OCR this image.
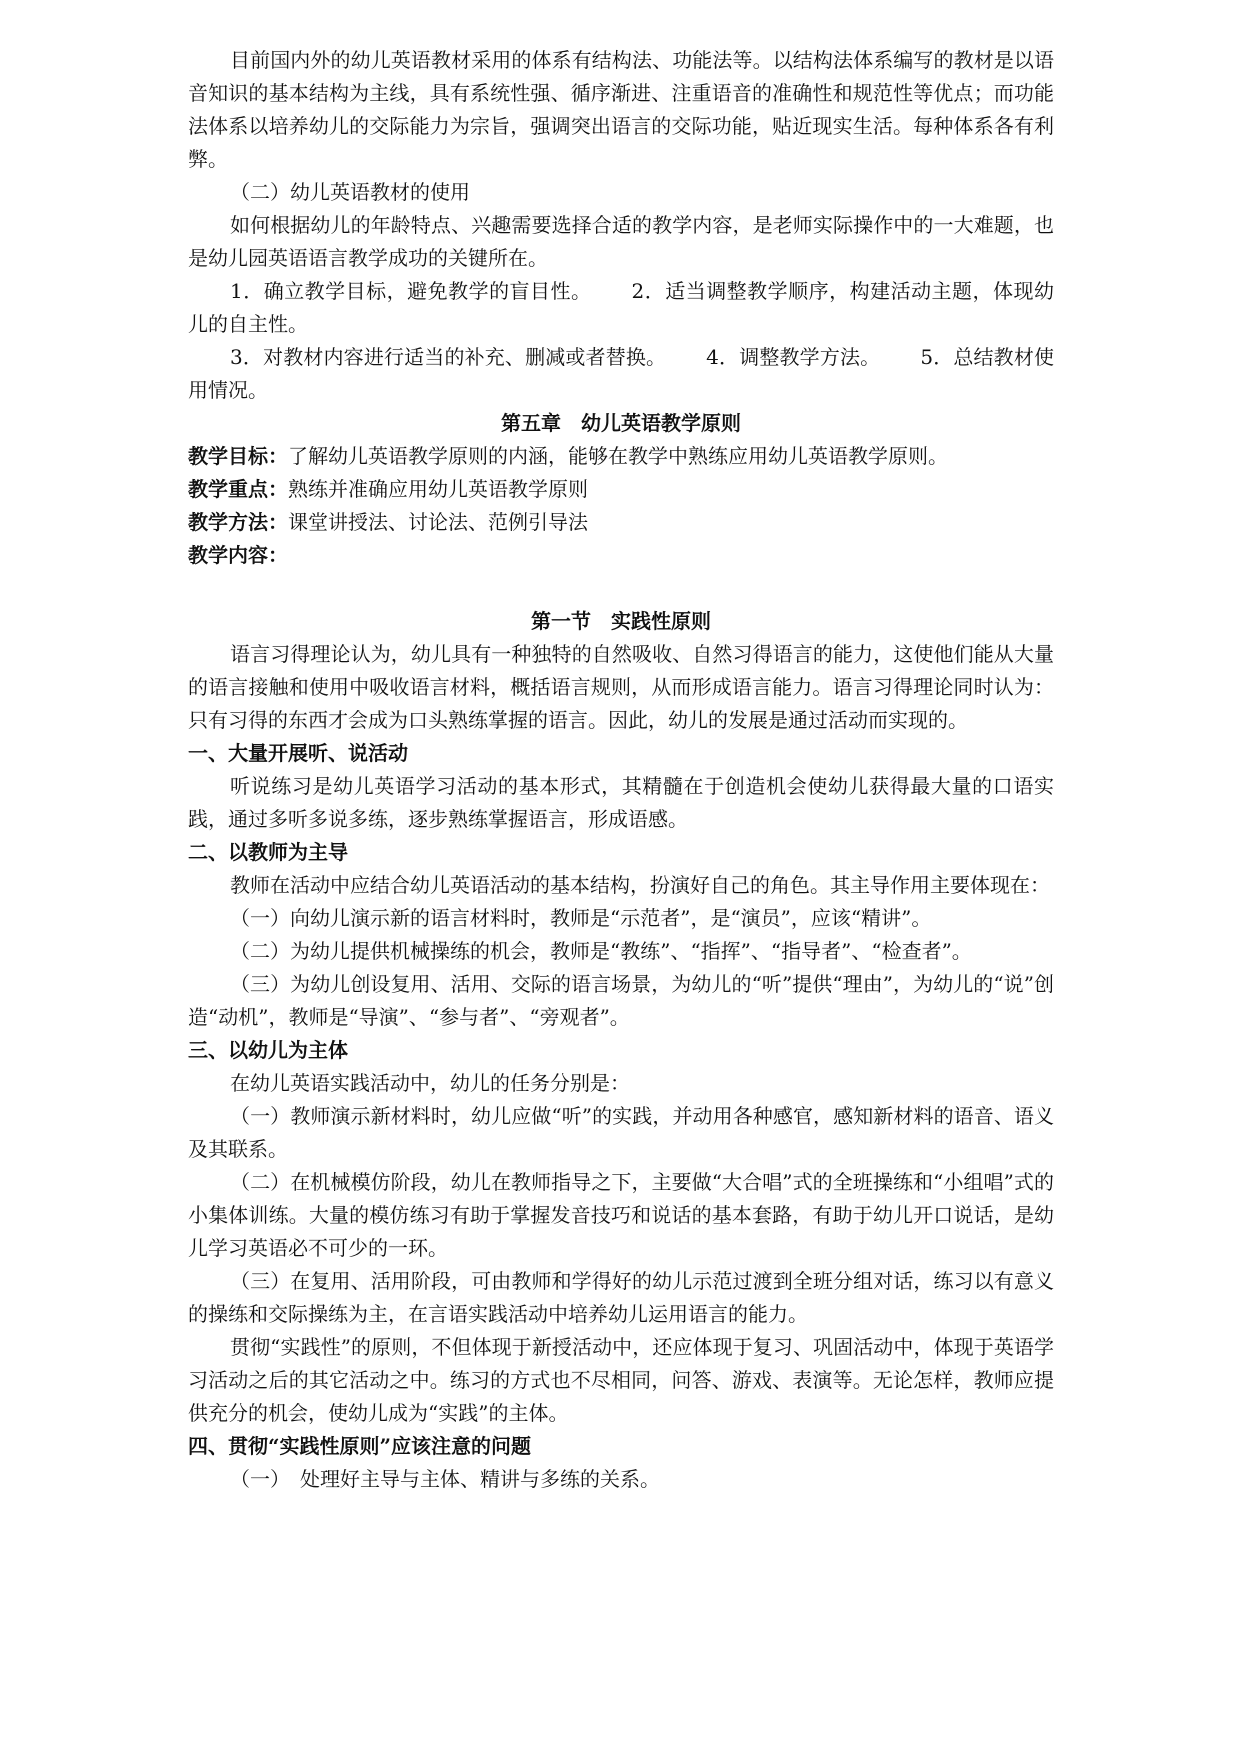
目前国内外的幼儿英语教材采用的体系有结构法、功能法等。以结构法体系编写的教材是以语音知识的基本结构为主线，具有系统性强、循序渐进、注重语音的准确性和规范性等优点；而功能法体系以培养幼儿的交际能力为宗旨，强调突出语言的交际功能，贴近现实生活。每种体系各有利弊。

（二）幼儿英语教材的使用

如何根据幼儿的年龄特点、兴趣需要选择合适的教学内容，是老师实际操作中的一大难题，也是幼儿园英语语言教学成功的关键所在。

1．确立教学目标，避免教学的盲目性。 2．适当调整教学顺序，构建活动主题，体现幼儿的自主性。

3．对教材内容进行适当的补充、删减或者替换。 4．调整教学方法。 5．总结教材使用情况。

第五章　幼儿英语教学原则

教学目标：了解幼儿英语教学原则的内涵，能够在教学中熟练应用幼儿英语教学原则。

教学重点：熟练并准确应用幼儿英语教学原则

教学方法：课堂讲授法、讨论法、范例引导法

教学内容：

第一节　实践性原则

语言习得理论认为，幼儿具有一种独特的自然吸收、自然习得语言的能力，这使他们能从大量的语言接触和使用中吸收语言材料，概括语言规则，从而形成语言能力。语言习得理论同时认为：只有习得的东西才会成为口头熟练掌握的语言。因此，幼儿的发展是通过活动而实现的。

一、大量开展听、说活动

听说练习是幼儿英语学习活动的基本形式，其精髓在于创造机会使幼儿获得最大量的口语实践，通过多听多说多练，逐步熟练掌握语言，形成语感。

二、以教师为主导

教师在活动中应结合幼儿英语活动的基本结构，扮演好自己的角色。其主导作用主要体现在：

（一）向幼儿演示新的语言材料时，教师是“示范者”，是“演员”，应该“精讲”。

（二）为幼儿提供机械操练的机会，教师是“教练”、“指挥”、“指导者”、“检查者”。

（三）为幼儿创设复用、活用、交际的语言场景，为幼儿的“听”提供“理由”，为幼儿的“说”创造“动机”，教师是“导演”、“参与者”、“旁观者”。

三、以幼儿为主体

在幼儿英语实践活动中，幼儿的任务分别是：

（一）教师演示新材料时，幼儿应做“听”的实践，并动用各种感官，感知新材料的语音、语义及其联系。

（二）在机械模仿阶段，幼儿在教师指导之下，主要做“大合唱”式的全班操练和“小组唱”式的小集体训练。大量的模仿练习有助于掌握发音技巧和说话的基本套路，有助于幼儿开口说话，是幼儿学习英语必不可少的一环。

（三）在复用、活用阶段，可由教师和学得好的幼儿示范过渡到全班分组对话，练习以有意义的操练和交际操练为主，在言语实践活动中培养幼儿运用语言的能力。

贯彻“实践性”的原则，不但体现于新授活动中，还应体现于复习、巩固活动中，体现于英语学习活动之后的其它活动之中。练习的方式也不尽相同，问答、游戏、表演等。无论怎样，教师应提供充分的机会，使幼儿成为“实践”的主体。

四、贯彻“实践性原则”应该注意的问题

（一）　处理好主导与主体、精讲与多练的关系。
